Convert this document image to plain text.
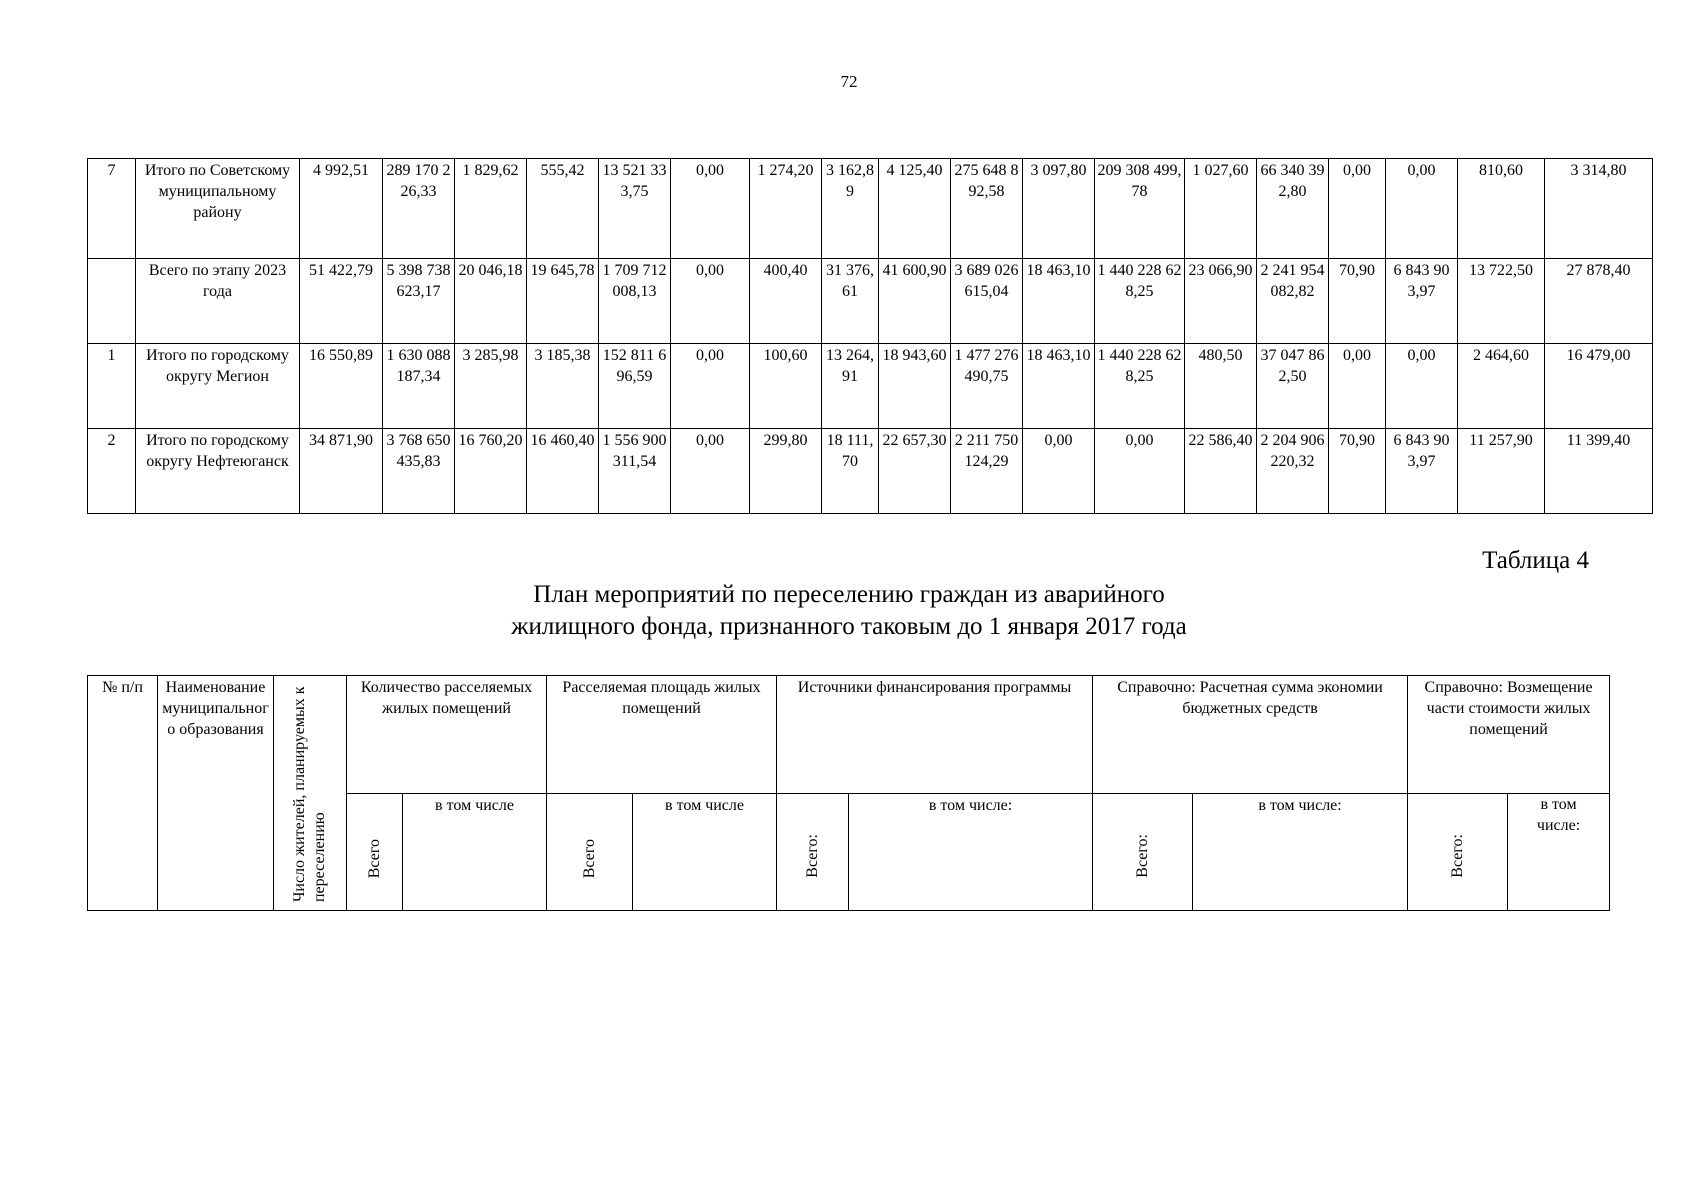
72
7	Итого по Советскому муниципальному району	4 992,51	289 170 226,33	1 829,62	555,42	13 521 333,75	0,00	1 274,20	3 162,89	4 125,40	275 648 892,58	3 097,80	209 308 499,78	1 027,60	66 340 392,80	0,00	0,00	810,60	3 314,80
	Всего по этапу 2023 года	51 422,79	5 398 738 623,17	20 046,18	19 645,78	1 709 712 008,13	0,00	400,40	31 376,61	41 600,90	3 689 026 615,04	18 463,10	1 440 228 628,25	23 066,90	2 241 954 082,82	70,90	6 843 903,97	13 722,50	27 878,40
1	Итого по городскому округу Мегион	16 550,89	1 630 088 187,34	3 285,98	3 185,38	152 811 696,59	0,00	100,60	13 264,91	18 943,60	1 477 276 490,75	18 463,10	1 440 228 628,25	480,50	37 047 862,50	0,00	0,00	2 464,60	16 479,00
2	Итого по городскому округу Нефтеюганск	34 871,90	3 768 650 435,83	16 760,20	16 460,40	1 556 900 311,54	0,00	299,80	18 111,70	22 657,30	2 211 750 124,29	0,00	0,00	22 586,40	2 204 906 220,32	70,90	6 843 903,97	11 257,90	11 399,40
Таблица 4
План мероприятий по переселению граждан из аварийного
жилищного фонда, признанного таковым до 1 января 2017 года
№ п/п	Наименование муниципального образования	Число жителей, планируемых к переселению	Количество расселяемых жилых помещений		Расселяемая площадь жилых помещений		Источники финансирования программы		Справочно: Расчетная сумма экономии бюджетных средств		Справочно: Возмещение части стоимости жилых помещений	
			Всего	в том числе	Всего	в том числе	Всего:	в том числе:	Всего:	в том числе:	Всего:	в том числе:
